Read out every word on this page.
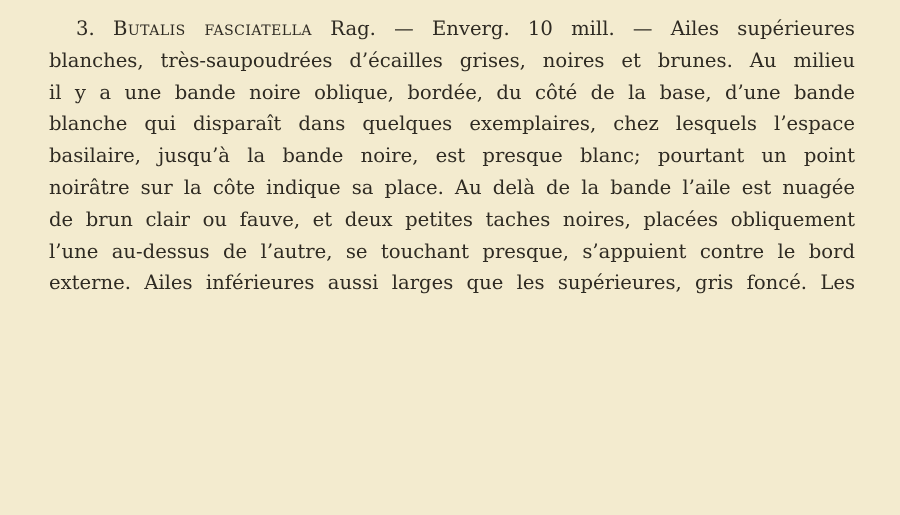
3. Butalis fasciatella Rag. — Enverg. 10 mill. — Ailes supérieures
blanches, très-saupoudrées d’écailles grises, noires et brunes. Au milieu
il y a une bande noire oblique, bordée, du côté de la base, d’une bande
blanche qui disparaît dans quelques exemplaires, chez lesquels l’espace
basilaire, jusqu’à la bande noire, est presque blanc; pourtant un point
noirâtre sur la côte indique sa place. Au delà de la bande l’aile est nuagée
de brun clair ou fauve, et deux petites taches noires, placées obliquement
l’une au-dessus de l’autre, se touchant presque, s’appuient contre le bord
externe. Ailes inférieures aussi larges que les supérieures, gris foncé. Les
